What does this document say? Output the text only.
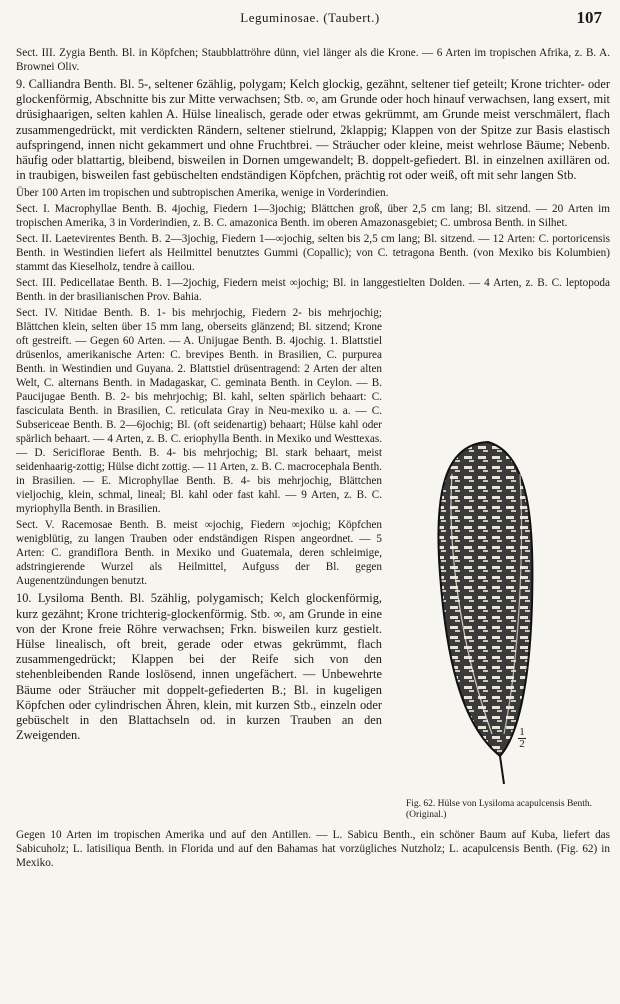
Leguminosae. (Taubert.)	107

Sect. III. Zygia Benth. Bl. in Köpfchen; Staubblattröhre dünn, viel länger als die Krone. — 6 Arten im tropischen Afrika, z. B. A. Brownei Oliv.

9. Calliandra Benth. Bl. 5-, seltener 6zählig, polygam; Kelch glockig, gezähnt, seltener tief geteilt; Krone trichter- oder glockenförmig, Abschnitte bis zur Mitte verwachsen; Stb. ∞, am Grunde oder hoch hinauf verwachsen, lang exsert, mit drüsighaarigen, selten kahlen A. Hülse linealisch, gerade oder etwas gekrümmt, am Grunde meist verschmälert, flach zusammengedrückt, mit verdickten Rändern, seltener stielrund, 2klappig; Klappen von der Spitze zur Basis elastisch aufspringend, innen nicht gekammert und ohne Fruchtbrei. — Sträucher oder kleine, meist wehrlose Bäume; Nebenb. häufig oder blattartig, bleibend, bisweilen in Dornen umgewandelt; B. doppelt-gefiedert. Bl. in einzelnen axillären od. in traubigen, bisweilen fast gebüschelten endständigen Köpfchen, prächtig rot oder weiß, oft mit sehr langen Stb.

Über 100 Arten im tropischen und subtropischen Amerika, wenige in Vorderindien.

Sect. I. Macrophyllae Benth. B. 4jochig, Fiedern 1—3jochig; Blättchen groß, über 2,5 cm lang; Bl. sitzend. — 20 Arten im tropischen Amerika, 3 in Vorderindien, z. B. C. amazonica Benth. im oberen Amazonasgebiet; C. umbrosa Benth. in Silhet.

Sect. II. Laetevirentes Benth. B. 2—3jochig, Fiedern 1—∞jochig, selten bis 2,5 cm lang; Bl. sitzend. — 12 Arten: C. portoricensis Benth. in Westindien liefert als Heilmittel benutztes Gummi (Copallic); von C. tetragona Benth. (von Mexiko bis Kolumbien) stammt das Kieselholz, tendre à caillou.

Sect. III. Pedicellatae Benth. B. 1—2jochig, Fiedern meist ∞jochig; Bl. in langgestielten Dolden. — 4 Arten, z. B. C. leptopoda Benth. in der brasilianischen Prov. Bahia.

1
2
Fig. 62. Hülse von Lysiloma acapulcensis Benth. (Original.)

Sect. IV. Nitidae Benth. B. 1- bis mehrjochig, Fiedern 2- bis mehrjochig; Blättchen klein, selten über 15 mm lang, oberseits glänzend; Bl. sitzend; Krone oft gestreift. — Gegen 60 Arten. — A. Unijugae Benth. B. 4jochig. 1. Blattstiel drüsenlos, amerikanische Arten: C. brevipes Benth. in Brasilien, C. purpurea Benth. in Westindien und Guyana. 2. Blattstiel drüsentragend: 2 Arten der alten Welt, C. alternans Benth. in Madagaskar, C. geminata Benth. in Ceylon. — B. Paucijugae Benth. B. 2- bis mehrjochig; Bl. kahl, selten spärlich behaart: C. fasciculata Benth. in Brasilien, C. reticulata Gray in Neu-mexiko u. a. — C. Subsericeae Benth. B. 2—6jochig; Bl. (oft seidenartig) behaart; Hülse kahl oder spärlich behaart. — 4 Arten, z. B. C. eriophylla Benth. in Mexiko und Westtexas. — D. Sericiflorae Benth. B. 4- bis mehrjochig; Bl. stark behaart, meist seidenhaarig-zottig; Hülse dicht zottig. — 11 Arten, z. B. C. macrocephala Benth. in Brasilien. — E. Microphyllae Benth. B. 4- bis mehrjochig, Blättchen vieljochig, klein, schmal, lineal; Bl. kahl oder fast kahl. — 9 Arten, z. B. C. myriophylla Benth. in Brasilien.

Sect. V. Racemosae Benth. B. meist ∞jochig, Fiedern ∞jochig; Köpfchen wenigblütig, zu langen Trauben oder endständigen Rispen angeordnet. — 5 Arten: C. grandiflora Benth. in Mexiko und Guatemala, deren schleimige, adstringierende Wurzel als Heilmittel, Aufguss der Bl. gegen Augenentzündungen benutzt.

10. Lysiloma Benth. Bl. 5zählig, polygamisch; Kelch glockenförmig, kurz gezähnt; Krone trichterig-glockenförmig. Stb. ∞, am Grunde in eine von der Krone freie Röhre verwachsen; Frkn. bisweilen kurz gestielt. Hülse linealisch, oft breit, gerade oder etwas gekrümmt, flach zusammengedrückt; Klappen bei der Reife sich von den stehenbleibenden Rande loslösend, innen ungefächert. — Unbewehrte Bäume oder Sträucher mit doppelt-gefiederten B.; Bl. in kugeligen Köpfchen oder cylindrischen Ähren, klein, mit kurzen Stb., einzeln oder gebüschelt in den Blattachseln od. in kurzen Trauben an den Zweigenden.

Gegen 10 Arten im tropischen Amerika und auf den Antillen. — L. Sabicu Benth., ein schöner Baum auf Kuba, liefert das Sabicuholz; L. latisiliqua Benth. in Florida und auf den Bahamas hat vorzügliches Nutzholz; L. acapulcensis Benth. (Fig. 62) in Mexiko.
